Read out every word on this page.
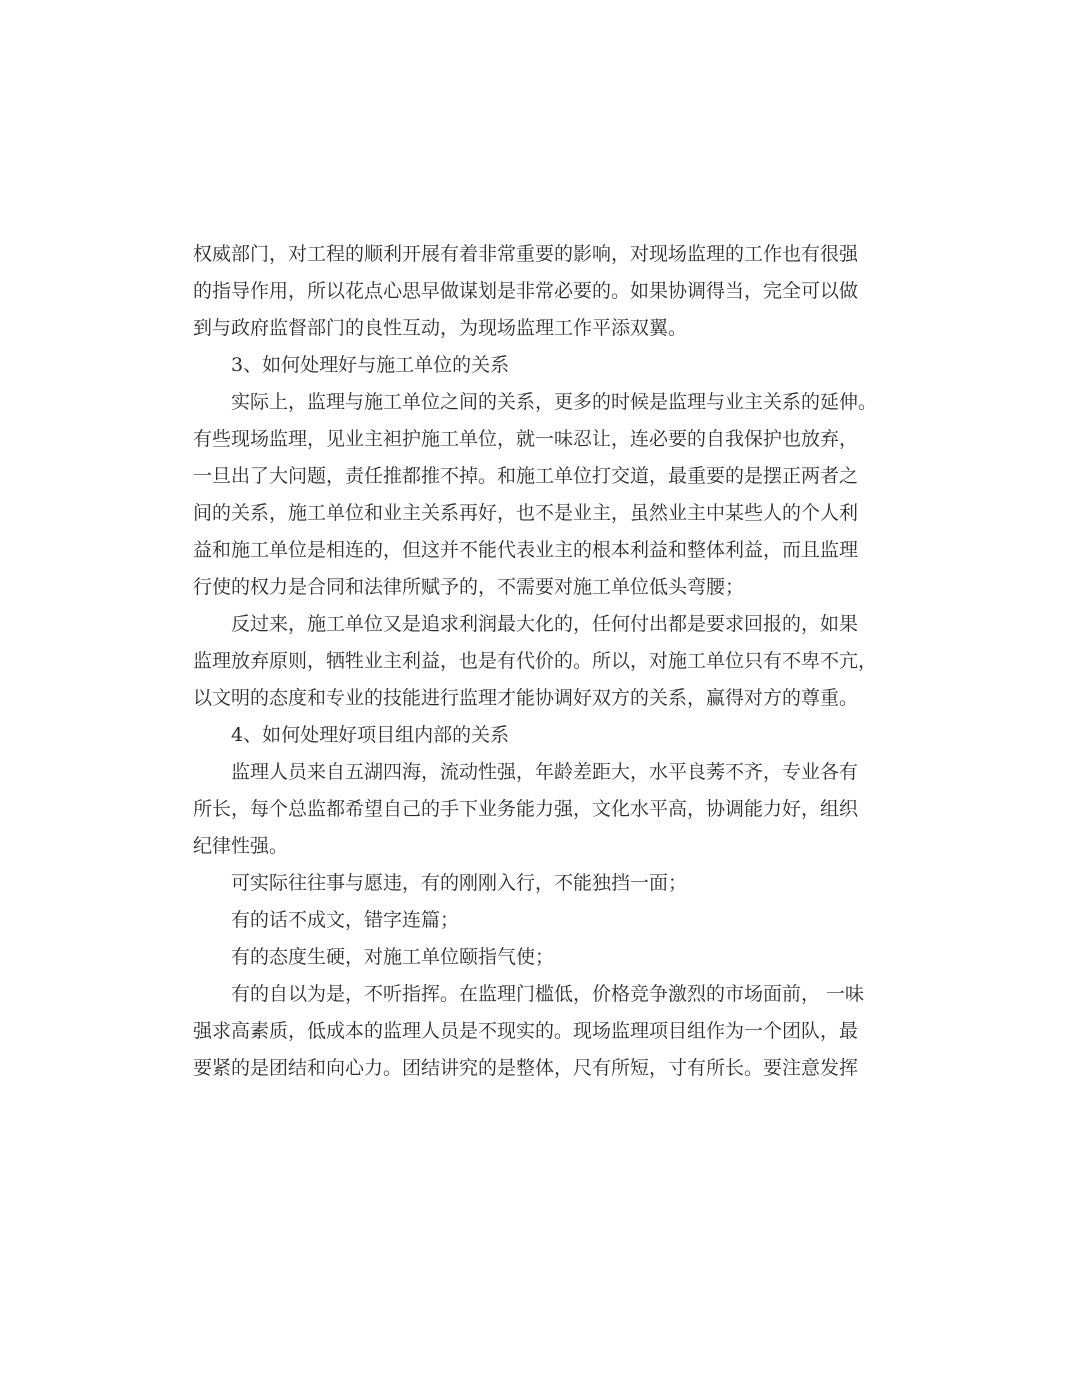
权威部门，对工程的顺利开展有着非常重要的影响，对现场监理的工作也有很强
的指导作用，所以花点心思早做谋划是非常必要的。如果协调得当，完全可以做
到与政府监督部门的良性互动，为现场监理工作平添双翼。
3、如何处理好与施工单位的关系
实际上，监理与施工单位之间的关系，更多的时候是监理与业主关系的延伸。
有些现场监理，见业主袒护施工单位，就一味忍让，连必要的自我保护也放弃，
一旦出了大问题，责任推都推不掉。和施工单位打交道，最重要的是摆正两者之
间的关系，施工单位和业主关系再好，也不是业主，虽然业主中某些人的个人利
益和施工单位是相连的，但这并不能代表业主的根本利益和整体利益，而且监理
行使的权力是合同和法律所赋予的，不需要对施工单位低头弯腰；
反过来，施工单位又是追求利润最大化的，任何付出都是要求回报的，如果
监理放弃原则，牺牲业主利益，也是有代价的。所以，对施工单位只有不卑不亢，
以文明的态度和专业的技能进行监理才能协调好双方的关系，赢得对方的尊重。
4、如何处理好项目组内部的关系
监理人员来自五湖四海，流动性强，年龄差距大，水平良莠不齐，专业各有
所长，每个总监都希望自己的手下业务能力强，文化水平高，协调能力好，组织
纪律性强。
可实际往往事与愿违，有的刚刚入行，不能独挡一面；
有的话不成文，错字连篇；
有的态度生硬，对施工单位颐指气使；
有的自以为是，不听指挥。在监理门槛低，价格竞争激烈的市场面前， 一味
强求高素质，低成本的监理人员是不现实的。现场监理项目组作为一个团队，最
要紧的是团结和向心力。团结讲究的是整体，尺有所短，寸有所长。要注意发挥
